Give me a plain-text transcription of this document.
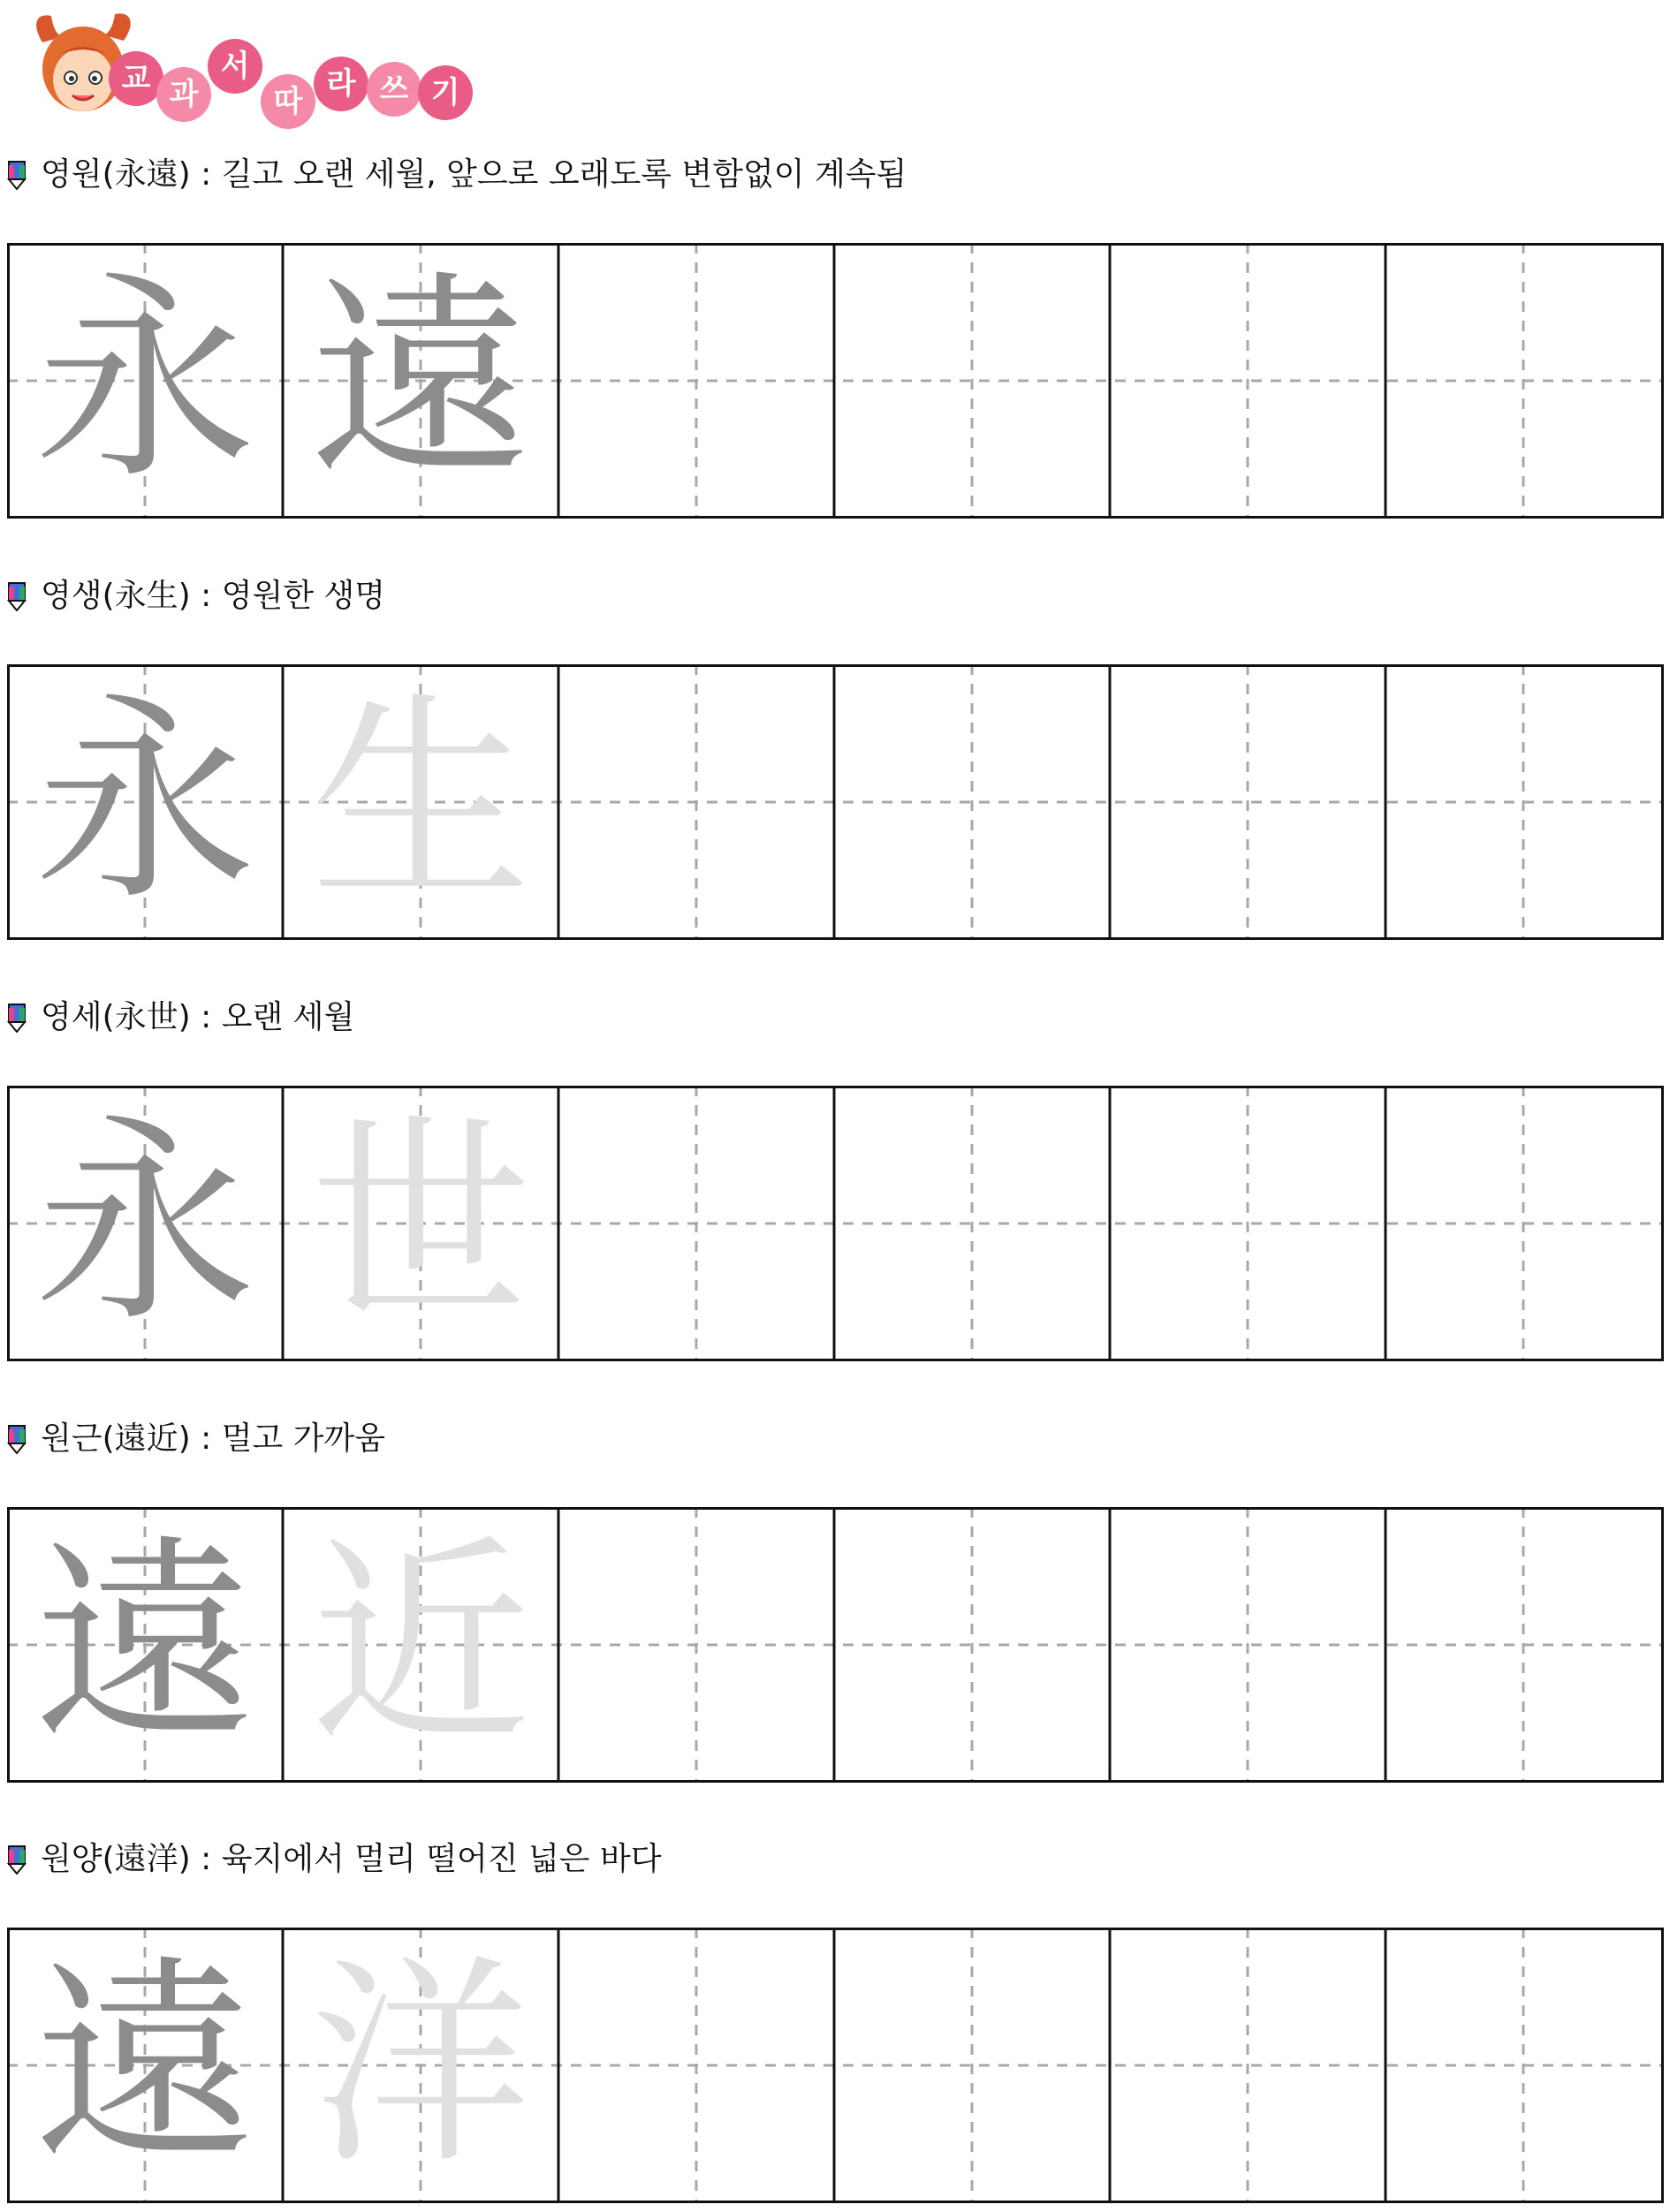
교 과
서
따 라 쓰 기
영원(永遠) : 길고 오랜 세월, 앞으로 오래도록 변함없이 계속됨
永 遠
영생(永生) : 영원한 생명
永 生
영세(永世) : 오랜 세월
永 世
원근(遠近) : 멀고 가까움
遠 近
원양(遠洋) : 육지에서 멀리 떨어진 넓은 바다
遠 洋
